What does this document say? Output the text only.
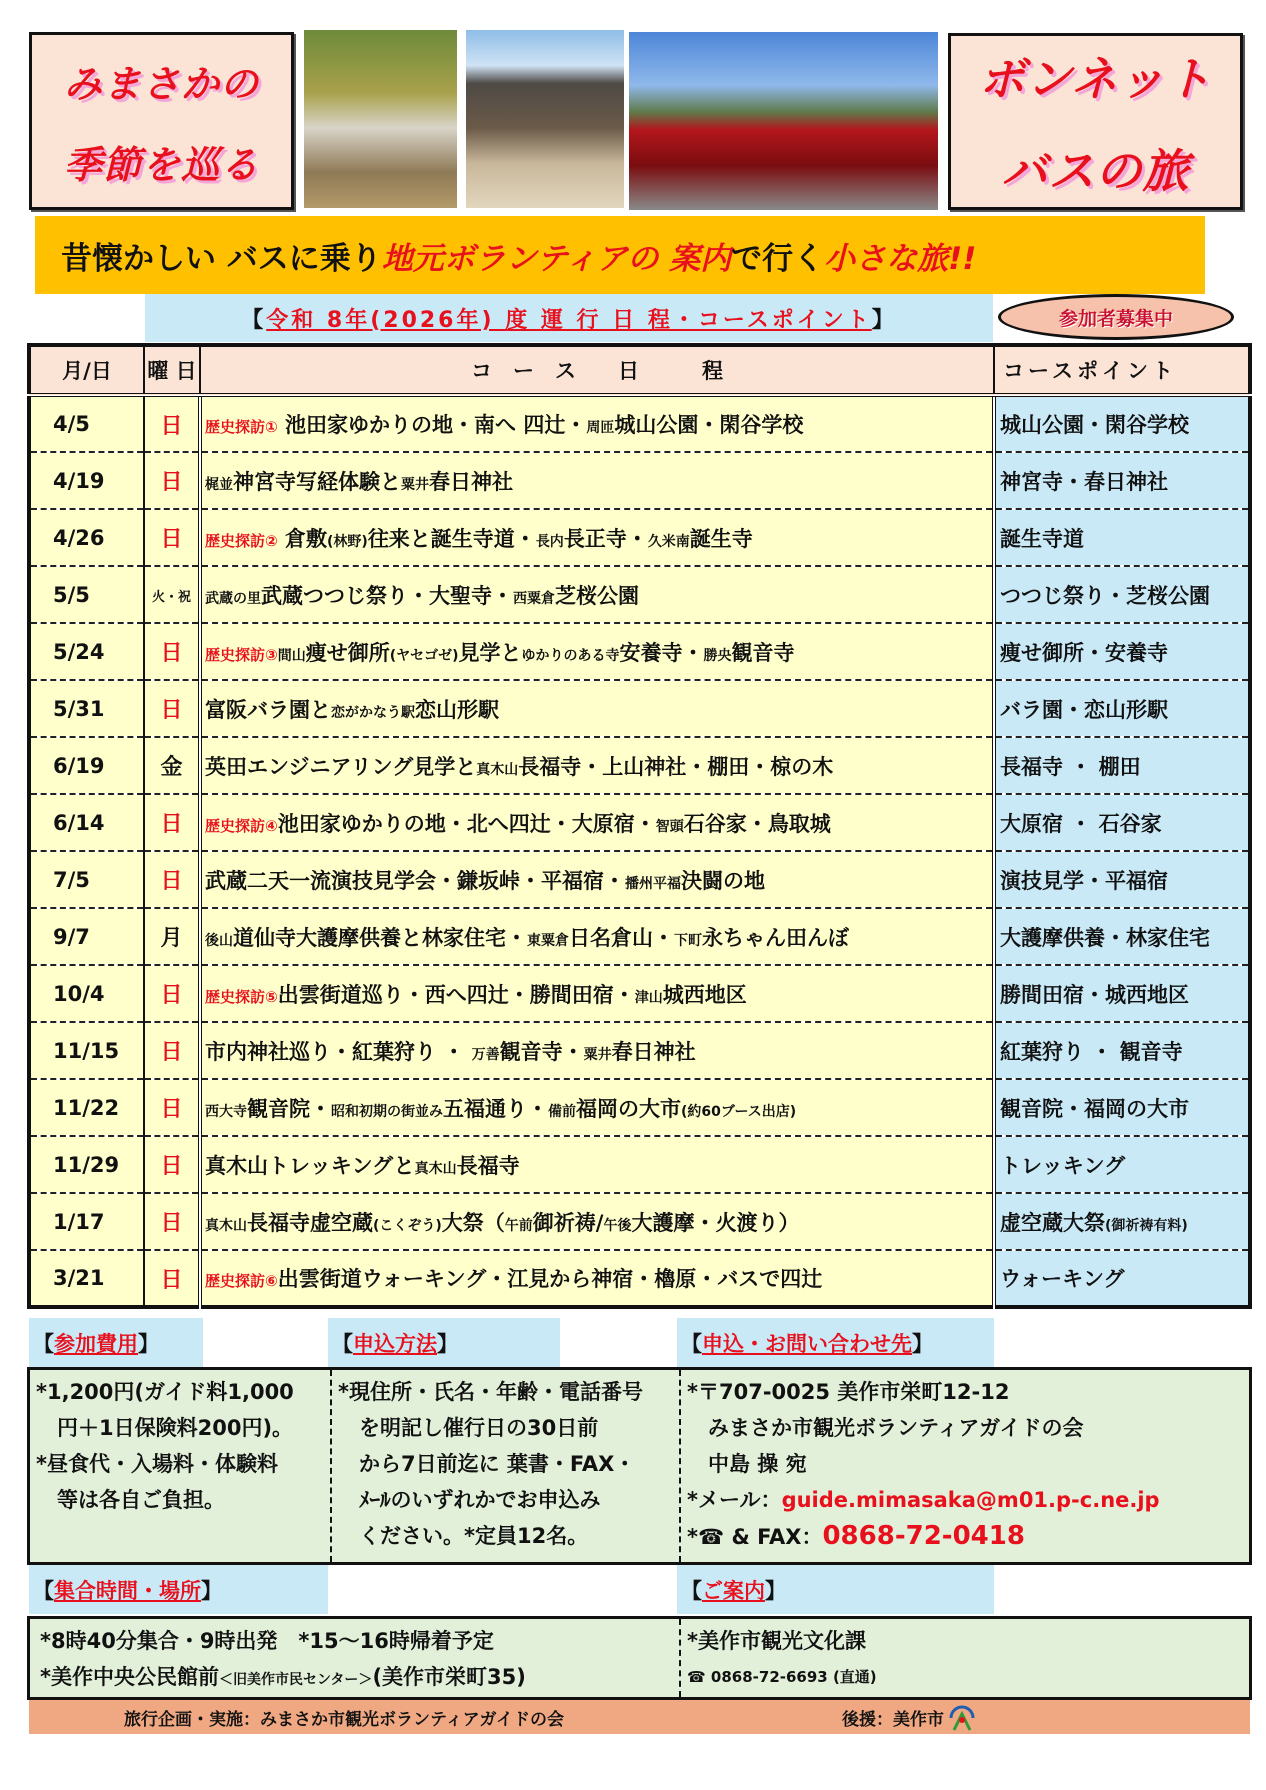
みまさかの
季節を巡る
ボンネット
バスの旅
昔懐かしい バスに乗り 地元ボランティアの 案内 で行く 小さな旅!!
【 令和 8年(2026年) 度 運 行 日 程・コースポイント 】	参加者募集中
月/日	曜 日	コ　ー　ス　　日　　　程	コースポイント
4/5	日	歴史探訪① 池田家ゆかりの地・南へ 四辻・周匝城山公園・閑谷学校	城山公園・閑谷学校
4/19	日	梶並神宮寺写経体験と粟井春日神社	神宮寺・春日神社
4/26	日	歴史探訪② 倉敷(林野)往来と誕生寺道・長内長正寺・久米南誕生寺	誕生寺道
5/5	火・祝	武蔵の里武蔵つつじ祭り・大聖寺・西粟倉芝桜公園	つつじ祭り・芝桜公園
5/24	日	歴史探訪③間山痩せ御所(ヤセゴゼ)見学とゆかりのある寺安養寺・勝央観音寺	痩せ御所・安養寺
5/31	日	富阪バラ園と恋がかなう駅恋山形駅	バラ園・恋山形駅
6/19	金	英田エンジニアリング見学と真木山長福寺・上山神社・棚田・椋の木	長福寺 ・ 棚田
6/14	日	歴史探訪④池田家ゆかりの地・北へ四辻・大原宿・智頭石谷家・鳥取城	大原宿 ・ 石谷家
7/5	日	武蔵二天一流演技見学会・鎌坂峠・平福宿・播州平福決闘の地	演技見学・平福宿
9/7	月	後山道仙寺大護摩供養と林家住宅・東粟倉日名倉山・下町永ちゃん田んぼ	大護摩供養・林家住宅
10/4	日	歴史探訪⑤出雲街道巡り・西へ四辻・勝間田宿・津山城西地区	勝間田宿・城西地区
11/15	日	市内神社巡り・紅葉狩り ・ 万善観音寺・粟井春日神社	紅葉狩り ・ 観音寺
11/22	日	西大寺観音院・昭和初期の街並み五福通り・備前福岡の大市(約60ブース出店)	観音院・福岡の大市
11/29	日	真木山トレッキングと真木山長福寺	トレッキング
1/17	日	真木山長福寺虚空蔵(こくぞう)大祭（午前御祈祷/午後大護摩・火渡り）	虚空蔵大祭(御祈祷有料)
3/21	日	歴史探訪⑥出雲街道ウォーキング・江見から神宿・櫓原・バスで四辻	ウォーキング
【 参加費用 】	【 申込方法 】	【 申込・お問い合わせ先 】
*1,200円(ガイド料1,000
　円＋1日保険料200円)。
*昼食代・入場料・体験料
　等は各自ご負担。
*現住所・氏名・年齢・電話番号
　を明記し催行日の30日前
　から7日前迄に 葉書・FAX・
　ﾒｰﾙのいずれかでお申込み
　ください。*定員12名。
*〒707-0025 美作市栄町12-12
　みまさか市観光ボランティアガイドの会
　中島 操 宛
*メール：guide.mimasaka@m01.p-c.ne.jp
*☎ & FAX：0868-72-0418
【 集合時間・場所 】	【 ご案内 】
*8時40分集合・9時出発　*15～16時帰着予定
*美作中央公民館前＜旧美作市民センター＞(美作市栄町35)
*美作市観光文化課
☎ 0868-72-6693 (直通)
旅行企画・実施：みまさか市観光ボランティアガイドの会	後援：美作市
